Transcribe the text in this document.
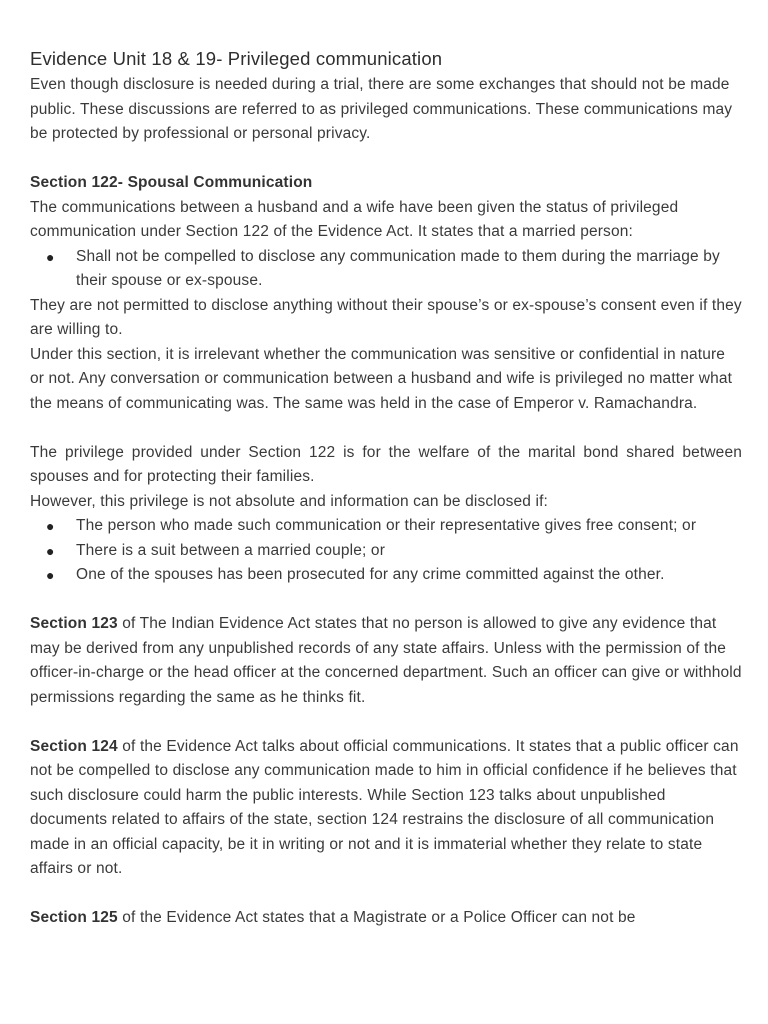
Evidence Unit 18 & 19- Privileged communication

Even though disclosure is needed during a trial, there are some exchanges that should not be made public. These discussions are referred to as privileged communications. These communications may be protected by professional or personal privacy.

Section 122- Spousal Communication

The communications between a husband and a wife have been given the status of privileged communication under Section 122 of the Evidence Act. It states that a married person:

● Shall not be compelled to disclose any communication made to them during the marriage by their spouse or ex-spouse.

They are not permitted to disclose anything without their spouse’s or ex-spouse’s consent even if they are willing to.

Under this section, it is irrelevant whether the communication was sensitive or confidential in nature or not. Any conversation or communication between a husband and wife is privileged no matter what the means of communicating was. The same was held in the case of Emperor v. Ramachandra.

The privilege provided under Section 122 is for the welfare of the marital bond shared between spouses and for protecting their families.

However, this privilege is not absolute and information can be disclosed if:

● The person who made such communication or their representative gives free consent; or
● There is a suit between a married couple; or
● One of the spouses has been prosecuted for any crime committed against the other.

Section 123 of The Indian Evidence Act states that no person is allowed to give any evidence that may be derived from any unpublished records of any state affairs. Unless with the permission of the officer-in-charge or the head officer at the concerned department. Such an officer can give or withhold permissions regarding the same as he thinks fit.

Section 124 of the Evidence Act talks about official communications. It states that a public officer can not be compelled to disclose any communication made to him in official confidence if he believes that such disclosure could harm the public interests. While Section 123 talks about unpublished documents related to affairs of the state, section 124 restrains the disclosure of all communication made in an official capacity, be it in writing or not and it is immaterial whether they relate to state affairs or not.

Section 125 of the Evidence Act states that a Magistrate or a Police Officer can not be
